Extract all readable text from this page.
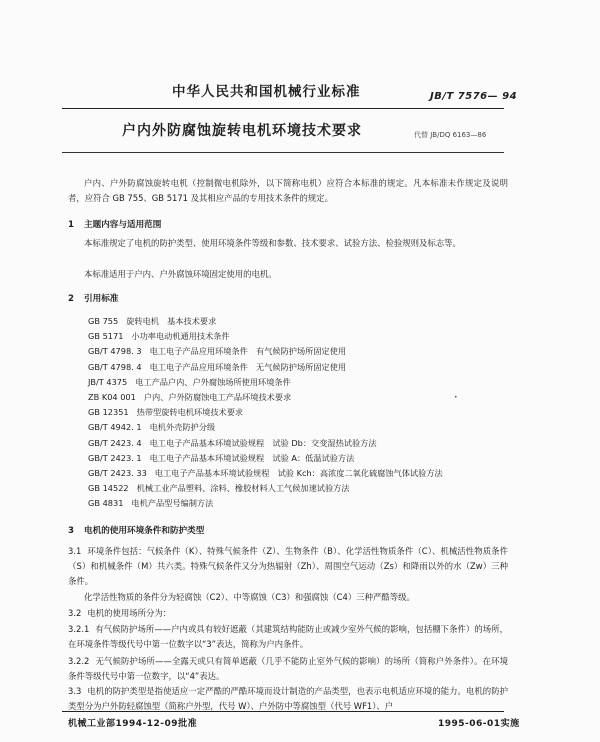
中华人民共和国机械行业标准	JB/T 7576— 94
户内外防腐蚀旋转电机环境技术要求	代替 JB/DQ 6163—86
户内、户外防腐蚀旋转电机（控制微电机除外，以下简称电机）应符合本标准的规定。凡本标准未作规定及说明者，应符合 GB 755、GB 5171 及其相应产品的专用技术条件的规定。
1 主题内容与适用范围
本标准规定了电机的防护类型、使用环境条件等级和参数、技术要求、试验方法、检验规则及标志等。
本标准适用于户内、户外腐蚀环境固定使用的电机。
2 引用标准
GB 755 旋转电机　基本技术要求
GB 5171 小功率电动机通用技术条件
GB/T 4798. 3 电工电子产品应用环境条件　有气候防护场所固定使用
GB/T 4798. 4 电工电子产品应用环境条件　无气候防护场所固定使用
JB/T 4375 电工产品户内、户外腐蚀场所使用环境条件
ZB K04 001 户内、户外防腐蚀电工产品环境技术要求
GB 12351 热带型旋转电机环境技术要求
GB/T 4942. 1 电机外壳防护分级
GB/T 2423. 4 电工电子产品基本环境试验规程　试验 Db：交变湿热试验方法
GB/T 2423. 1 电工电子产品基本环境试验规程　试验 A：低温试验方法
GB/T 2423. 33 电工电子产品基本环境试验规程　试验 Kch：高浓度二氧化硫腐蚀气体试验方法
GB 14522 机械工业产品塑料、涂料、橡胶材料人工气候加速试验方法
GB 4831 电机产品型号编制方法
•
3 电机的使用环境条件和防护类型
3.1 环境条件包括：气候条件（K）、特殊气候条件（Z）、生物条件（B）、化学活性物质条件（C）、机械活性物质条件（S）和机械条件（M）共六类。特殊气候条件又分为热辐射（Zh）、周围空气运动（Zs）和降雨以外的水（Zw）三种条件。
化学活性物质的条件分为轻腐蚀（C2）、中等腐蚀（C3）和强腐蚀（C4）三种严酷等级。
3.2 电机的使用场所分为：
3.2.1 有气候防护场所——户内或具有较好遮蔽（其建筑结构能防止或减少室外气候的影响，包括棚下条件）的场所，在环境条件等级代号中第一位数字以“3”表达，简称为户内条件。
3.2.2 无气候防护场所——全露天或只有简单遮蔽（几乎不能防止室外气候的影响）的场所（简称户外条件）。在环境条件等级代号中第一位数字，以“4”表达。
3.3 电机的防护类型是指使适应一定严酷的严酷环境而设计制造的产品类型，也表示电机适应环境的能力。电机的防护类型分为户外防轻腐蚀型（简称户外型，代号 W）、户外防中等腐蚀型（代号 WF1）、户
机械工业部1994-12-09批准	1995-06-01实施
